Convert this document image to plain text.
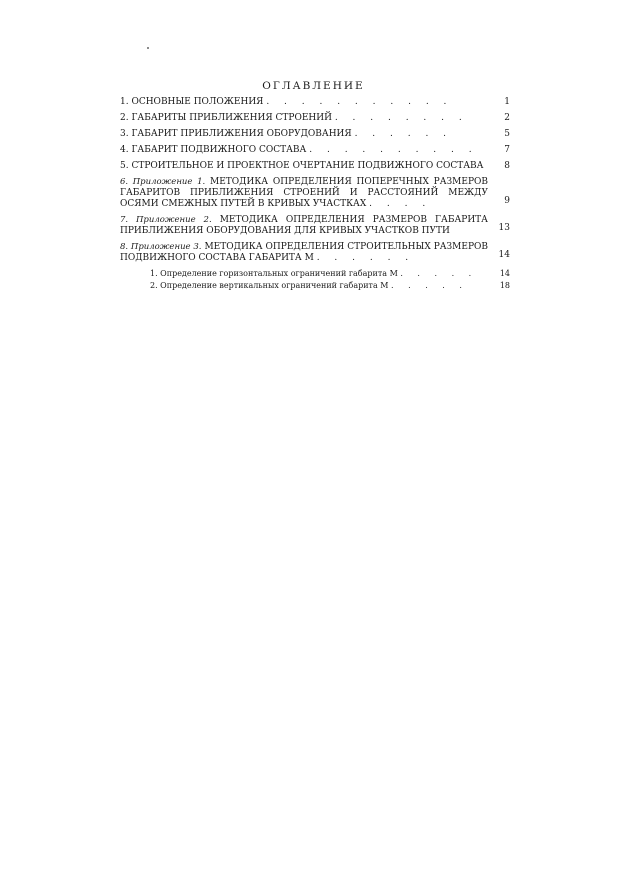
ОГЛАВЛЕНИЕ
1. ОСНОВНЫЕ ПОЛОЖЕНИЯ . . . . . . . . . . .	1
2. ГАБАРИТЫ ПРИБЛИЖЕНИЯ СТРОЕНИЙ . . . . . . . .	2
3. ГАБАРИТ ПРИБЛИЖЕНИЯ ОБОРУДОВАНИЯ . . . . . .	5
4. ГАБАРИТ ПОДВИЖНОГО СОСТАВА . . . . . . . . . .	7
5. СТРОИТЕЛЬНОЕ И ПРОЕКТНОЕ ОЧЕРТАНИЕ ПОДВИЖНОГО СОСТАВА 8
6. Приложение 1. МЕТОДИКА ОПРЕДЕЛЕНИЯ ПОПЕРЕЧНЫХ РАЗМЕРОВ ГАБАРИТОВ ПРИБЛИЖЕНИЯ СТРОЕНИЙ И РАССТОЯНИЙ МЕЖДУ ОСЯМИ СМЕЖНЫХ ПУТЕЙ В КРИВЫХ УЧАСТКАХ . . . .	9
7. Приложение 2. МЕТОДИКА ОПРЕДЕЛЕНИЯ РАЗМЕРОВ ГАБАРИТА ПРИБЛИЖЕНИЯ ОБОРУДОВАНИЯ ДЛЯ КРИВЫХ УЧАСТКОВ ПУТИ	13
8. Приложение 3. МЕТОДИКА ОПРЕДЕЛЕНИЯ СТРОИТЕЛЬНЫХ РАЗМЕРОВ ПОДВИЖНОГО СОСТАВА ГАБАРИТА М . . . . . .	14
1. Определение горизонтальных ограничений габарита М . . . . .	14
2. Определение вертикальных ограничений габарита М . . . . .	18
